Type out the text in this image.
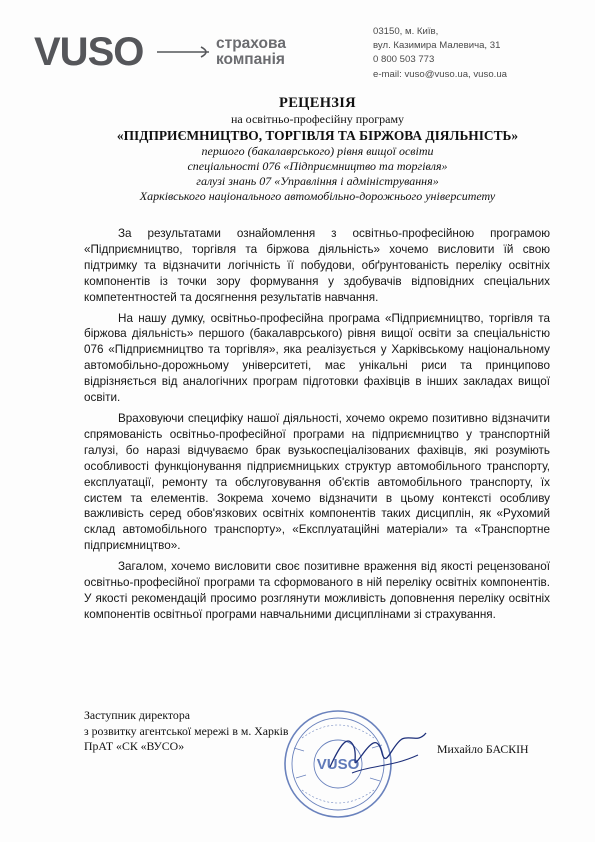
VUSO	страхова
компанія
03150, м. Київ,
вул. Казимира Малевича, 31
0 800 503 773
e-mail: vuso@vuso.ua, vuso.ua
РЕЦЕНЗІЯ
на освітньо-професійну програму
«ПІДПРИЄМНИЦТВО, ТОРГІВЛЯ ТА БІРЖОВА ДІЯЛЬНІСТЬ»
першого (бакалаврського) рівня вищої освіти
спеціальності 076 «Підприємництво та торгівля»
галузі знань 07 «Управління і адміністрування»
Харківського національного автомобільно-дорожнього університету

За результатами ознайомлення з освітньо-професійною програмою «Підприємництво, торгівля та біржова діяльність» хочемо висловити їй свою підтримку та відзначити логічність її побудови, обґрунтованість переліку освітніх компонентів із точки зору формування у здобувачів відповідних спеціальних компетентностей та досягнення результатів навчання.

На нашу думку, освітньо-професійна програма «Підприємництво, торгівля та біржова діяльність» першого (бакалаврського) рівня вищої освіти за спеціальністю 076 «Підприємництво та торгівля», яка реалізується у Харківському національному автомобільно-дорожньому університеті, має унікальні риси та принципово відрізняється від аналогічних програм підготовки фахівців в інших закладах вищої освіти.

Враховуючи специфіку нашої діяльності, хочемо окремо позитивно відзначити спрямованість освітньо-професійної програми на підприємництво у транспортній галузі, бо наразі відчуваємо брак вузькоспеціалізованих фахівців, які розуміють особливості функціонування підприємницьких структур автомобільного транспорту, експлуатації, ремонту та обслуговування об'єктів автомобільного транспорту, їх систем та елементів. Зокрема хочемо відзначити в цьому контексті особливу важливість серед обов'язкових освітніх компонентів таких дисциплін, як «Рухомий склад автомобільного транспорту», «Експлуатаційні матеріали» та «Транспортне підприємництво».

Загалом, хочемо висловити своє позитивне враження від якості рецензованої освітньо-професійної програми та сформованого в ній переліку освітніх компонентів. У якості рекомендацій просимо розглянути можливість доповнення переліку освітніх компонентів освітньої програми навчальними дисциплінами зі страхування.

Заступник директора
з розвитку агентської мережі в м. Харків
ПрАТ «СК «ВУСО»
VUSO
Михайло БАСКІН
